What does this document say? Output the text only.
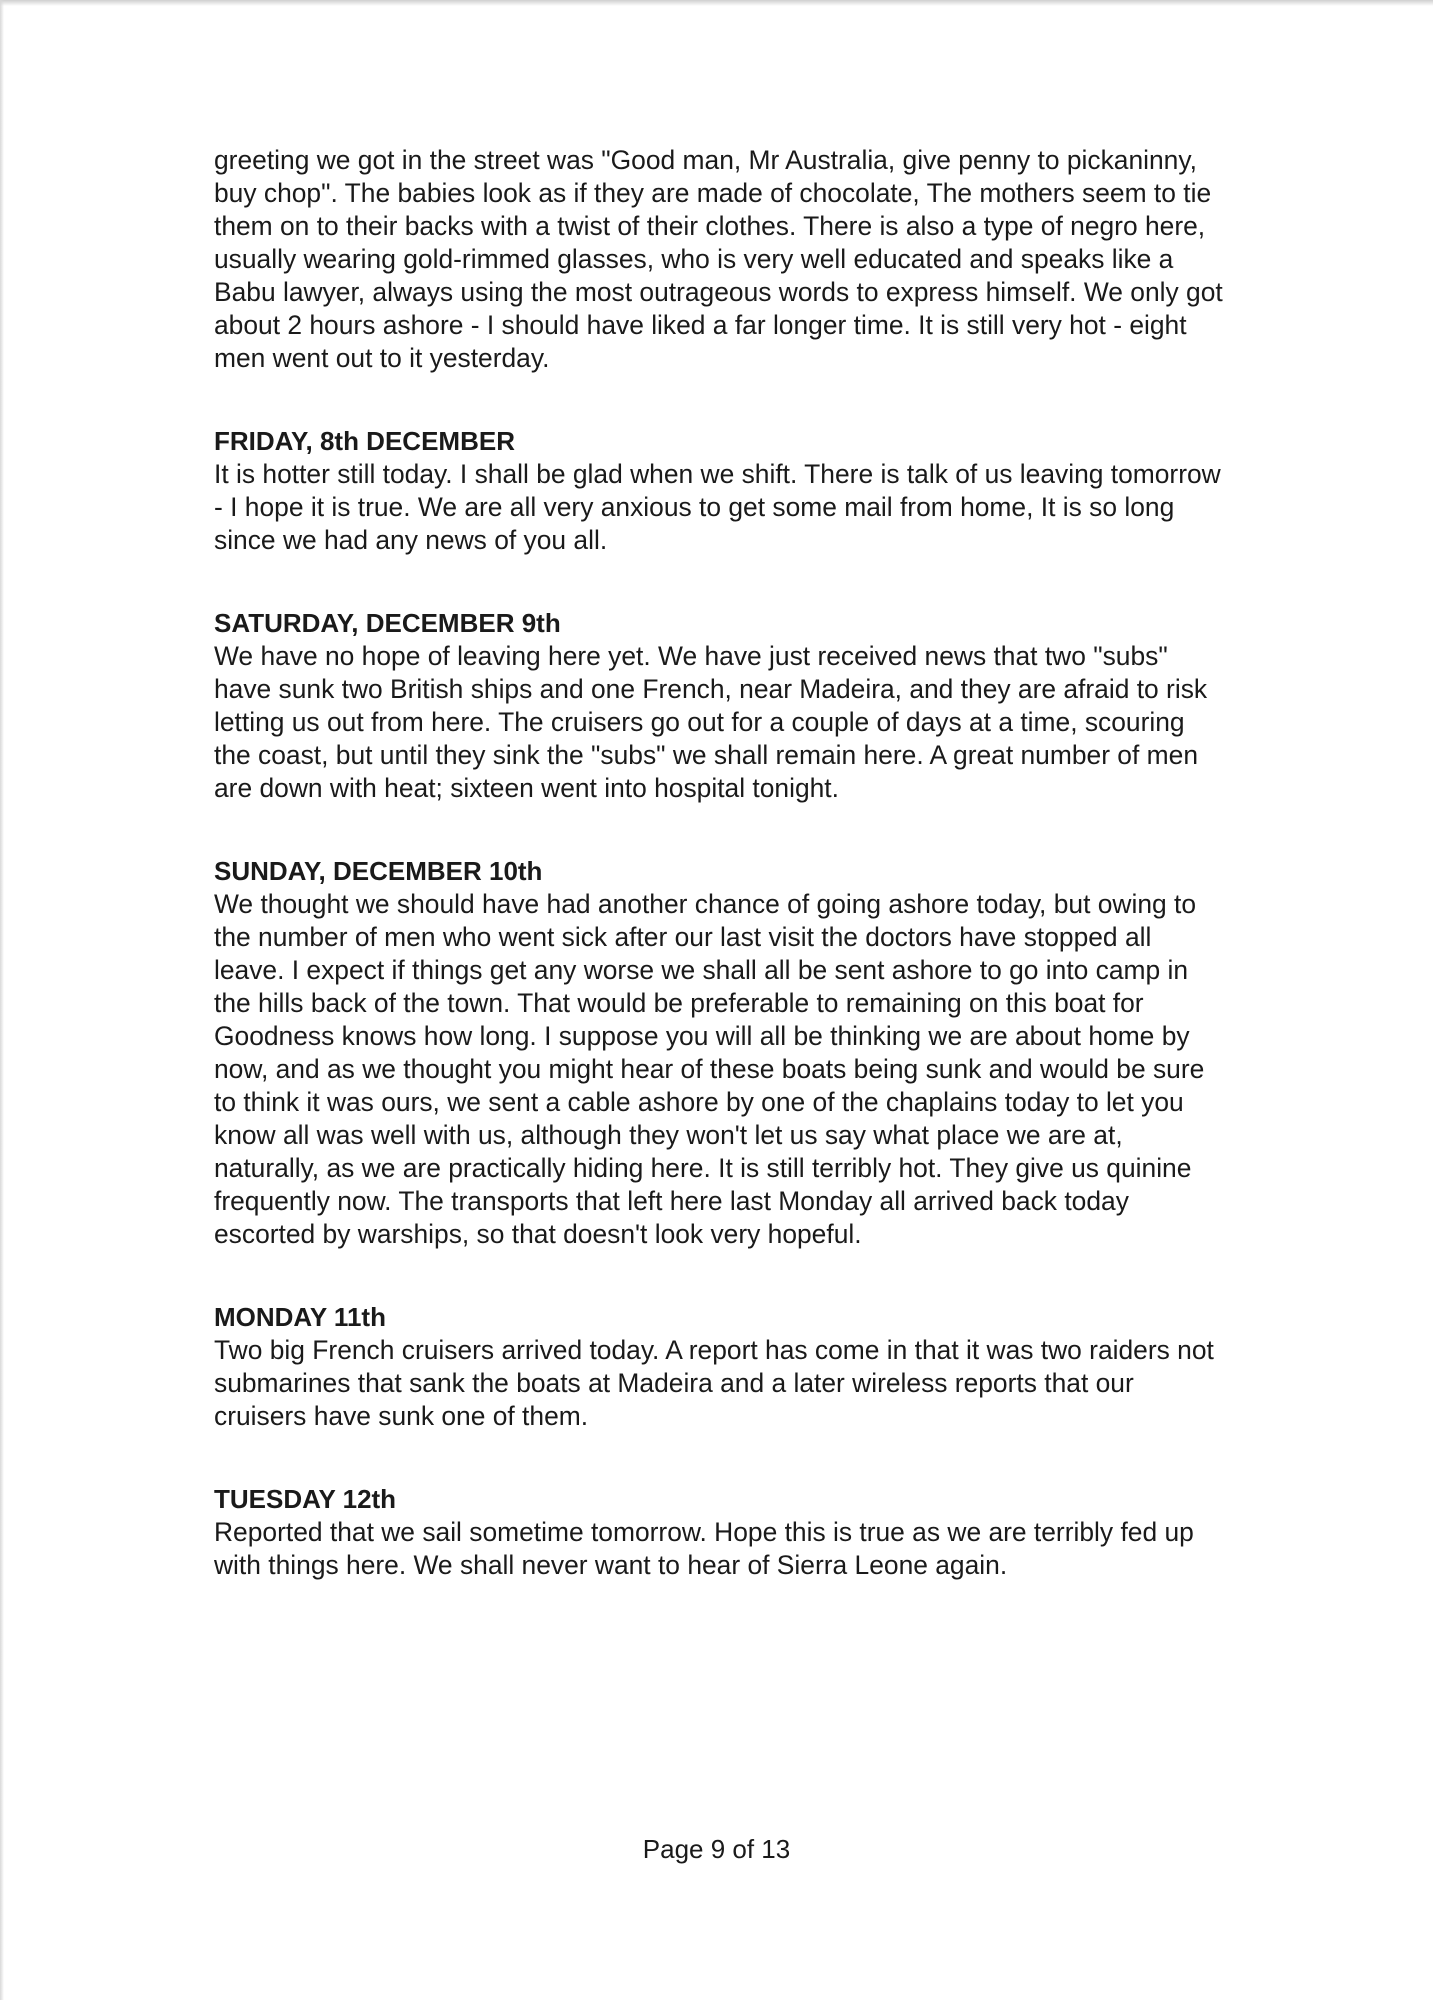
greeting we got in the street was "Good man, Mr Australia, give penny to pickaninny, buy chop". The babies look as if they are made of chocolate, The mothers seem to tie them on to their backs with a twist of their clothes. There is also a type of negro here, usually wearing gold-rimmed glasses, who is very well educated and speaks like a Babu lawyer, always using the most outrageous words to express himself. We only got about 2 hours ashore - I should have liked a far longer time. It is still very hot - eight men went out to it yesterday.

FRIDAY, 8th DECEMBER

It is hotter still today. I shall be glad when we shift. There is talk of us leaving tomorrow - I hope it is true. We are all very anxious to get some mail from home, It is so long since we had any news of you all.

SATURDAY, DECEMBER 9th

We have no hope of leaving here yet. We have just received news that two "subs" have sunk two British ships and one French, near Madeira, and they are afraid to risk letting us out from here. The cruisers go out for a couple of days at a time, scouring the coast, but until they sink the "subs" we shall remain here. A great number of men are down with heat; sixteen went into hospital tonight.

SUNDAY, DECEMBER 10th

We thought we should have had another chance of going ashore today, but owing to the number of men who went sick after our last visit the doctors have stopped all leave. I expect if things get any worse we shall all be sent ashore to go into camp in the hills back of the town. That would be preferable to remaining on this boat for Goodness knows how long. I suppose you will all be thinking we are about home by now, and as we thought you might hear of these boats being sunk and would be sure to think it was ours, we sent a cable ashore by one of the chaplains today to let you know all was well with us, although they won't let us say what place we are at, naturally, as we are practically hiding here. It is still terribly hot. They give us quinine frequently now. The transports that left here last Monday all arrived back today escorted by warships, so that doesn't look very hopeful.

MONDAY 11th

Two big French cruisers arrived today. A report has come in that it was two raiders not submarines that sank the boats at Madeira and a later wireless reports that our cruisers have sunk one of them.

TUESDAY 12th

Reported that we sail sometime tomorrow. Hope this is true as we are terribly fed up with things here. We shall never want to hear of Sierra Leone again.

Page 9 of 13
